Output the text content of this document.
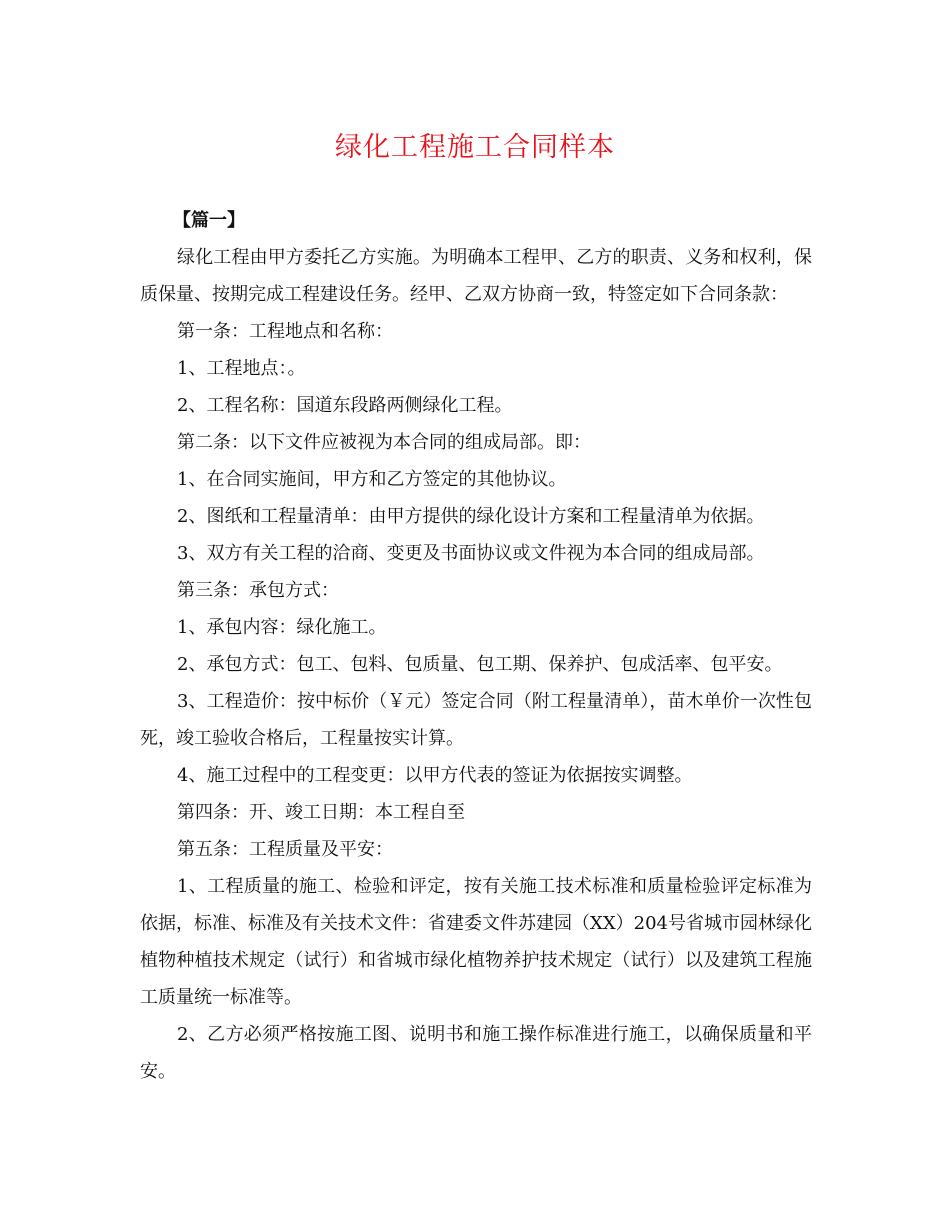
绿化工程施工合同样本

【篇一】

绿化工程由甲方委托乙方实施。为明确本工程甲、乙方的职责、义务和权利，保质保量、按期完成工程建设任务。经甲、乙双方协商一致，特签定如下合同条款：

第一条：工程地点和名称：

1、工程地点：。

2、工程名称：国道东段路两侧绿化工程。

第二条：以下文件应被视为本合同的组成局部。即：

1、在合同实施间，甲方和乙方签定的其他协议。

2、图纸和工程量清单：由甲方提供的绿化设计方案和工程量清单为依据。

3、双方有关工程的洽商、变更及书面协议或文件视为本合同的组成局部。

第三条：承包方式：

1、承包内容：绿化施工。

2、承包方式：包工、包料、包质量、包工期、保养护、包成活率、包平安。

3、工程造价：按中标价（￥元）签定合同（附工程量清单），苗木单价一次性包死，竣工验收合格后，工程量按实计算。

4、施工过程中的工程变更：以甲方代表的签证为依据按实调整。

第四条：开、竣工日期：本工程自至

第五条：工程质量及平安：

1、工程质量的施工、检验和评定，按有关施工技术标准和质量检验评定标准为依据，标准、标准及有关技术文件：省建委文件苏建园（XX）204号省城市园林绿化植物种植技术规定（试行）和省城市绿化植物养护技术规定（试行）以及建筑工程施工质量统一标准等。

2、乙方必须严格按施工图、说明书和施工操作标准进行施工，以确保质量和平安。
